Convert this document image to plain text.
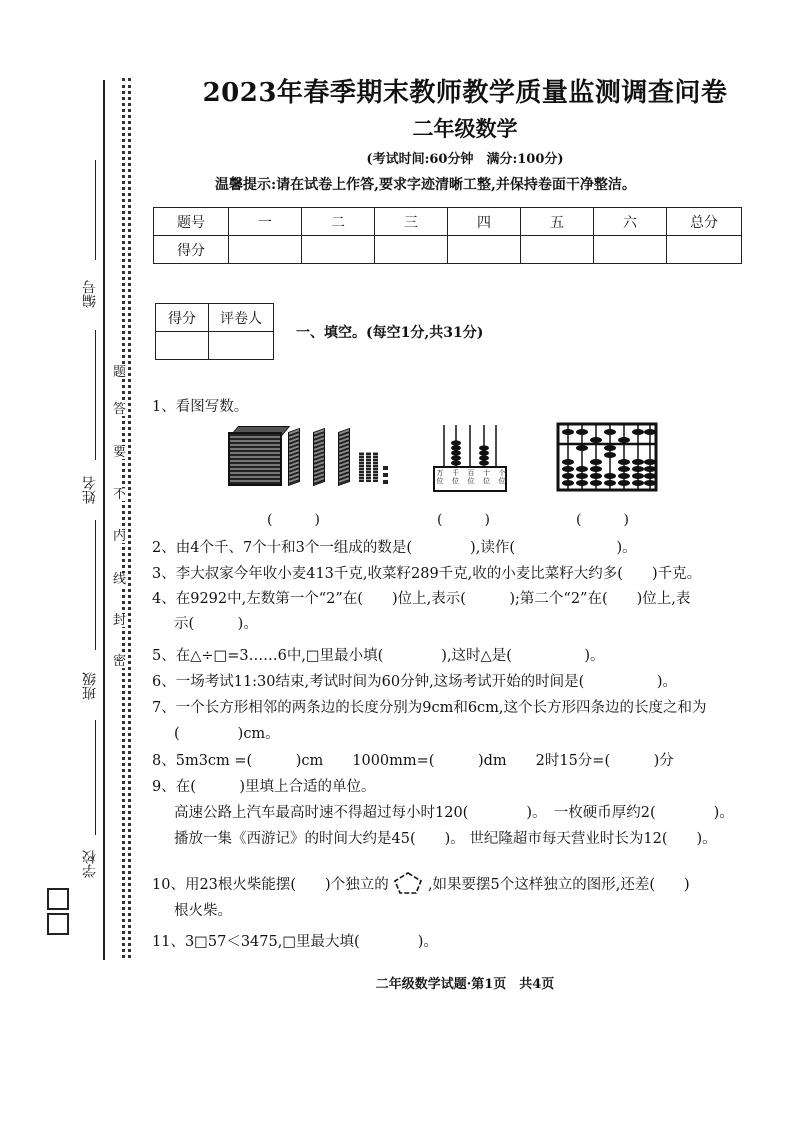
编号
姓名
班级
学校
题
答
要
不
内
线
封
密
2023年春季期末教师教学质量监测调查问卷
二年级数学
(考试时间:60分钟　满分:100分)
温馨提示:请在试卷上作答,要求字迹清晰工整,并保持卷面干净整洁。
题号	一	二	三	四	五	六	总分
得分							
得分	评卷人

一、填空。(每空1分,共31分)
1、看图写数。
万位
千位
百位
十位
个位
(　　　)	(　　　)	(　　　)
2、由4个千、7个十和3个一组成的数是(　　　　),读作(　　　　　　　)。
3、李大叔家今年收小麦413千克,收菜籽289千克,收的小麦比菜籽大约多(　　)千克。
4、在9292中,左数第一个“2”在(　　)位上,表示(　　　);第二个“2”在(　　)位上,表
示(　　　)。
5、在△÷□=3……6中,□里最小填(　　　　),这时△是(　　　　　)。
6、一场考试11:30结束,考试时间为60分钟,这场考试开始的时间是(　　　　　)。
7、一个长方形相邻的两条边的长度分别为9cm和6cm,这个长方形四条边的长度之和为
(　　　　)cm。
8、5m3cm =(　　　)cm　　1000mm=(　　　)dm　　2时15分=(　　　)分
9、在(　　　)里填上合适的单位。
高速公路上汽车最高时速不得超过每小时120(　　　　)。　一枚硬币厚约2(　　　　)。
播放一集《西游记》的时间大约是45(　　)。 世纪隆超市每天营业时长为12(　　)。
10、用23根火柴能摆(　　)个独立的	,如果要摆5个这样独立的图形,还差(　　)
根火柴。
11、3□57＜3475,□里最大填(　　　　)。
二年级数学试题·第1页　共4页
